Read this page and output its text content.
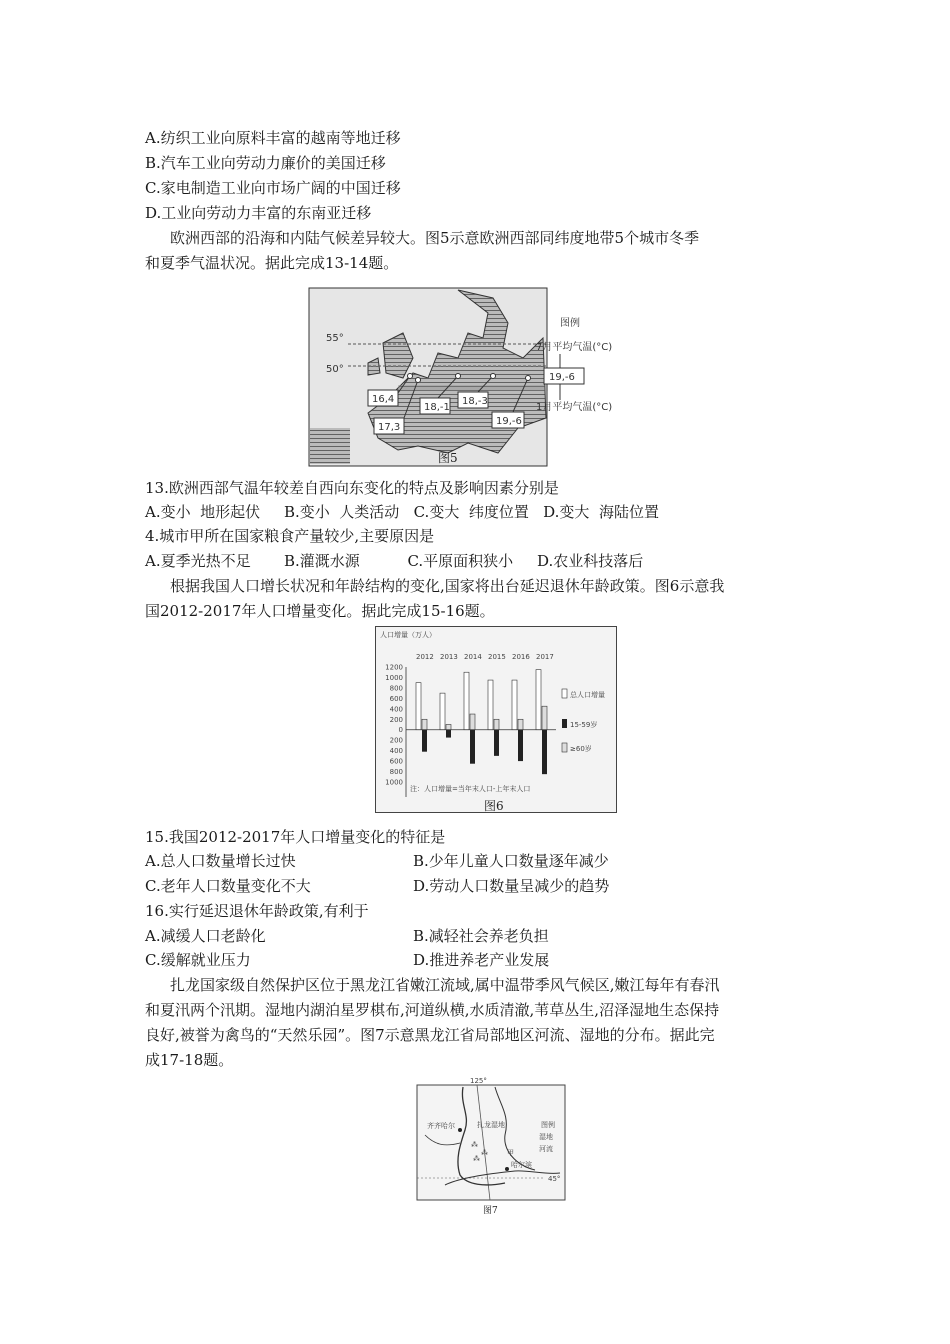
A.纺织工业向原料丰富的越南等地迁移
B.汽车工业向劳动力廉价的美国迁移
C.家电制造工业向市场广阔的中国迁移
D.工业向劳动力丰富的东南亚迁移
欧洲西部的沿海和内陆气候差异较大。图5示意欧洲西部同纬度地带5个城市冬季
和夏季气温状况。据此完成13-14题。
55°
50°
16,4
17,3
18,-1
18,-3
19,-6
图5
图例
7月平均气温(°C)
19,-6
1月平均气温(°C)
13.欧洲西部气温年较差自西向东变化的特点及影响因素分别是
A.变小  地形起伏     B.变小  人类活动   C.变大  纬度位置   D.变大  海陆位置
4.城市甲所在国家粮食产量较少,主要原因是
A.夏季光热不足       B.灌溉水源          C.平原面积狭小     D.农业科技落后
根据我国人口增长状况和年龄结构的变化,国家将出台延迟退休年龄政策。图6示意我
国2012-2017年人口增量变化。据此完成15-16题。
人口增量（万人）
1200
1000
800
600
400
200
0
200
400
600
800
1000
2012 2013 2014 2015 2016 2017
注：人口增量=当年末人口-上年末人口
总人口增量
15-59岁
≥60岁
图6
15.我国2012-2017年人口增量变化的特征是
A.总人口数量增长过快	B.少年儿童人口数量逐年减少
C.老年人口数量变化不大	D.劳动人口数量呈减少的趋势
16.实行延迟退休年龄政策,有利于
A.减缓人口老龄化	B.减轻社会养老负担
C.缓解就业压力	D.推进养老产业发展
扎龙国家级自然保护区位于黑龙江省嫩江流域,属中温带季风气候区,嫩江每年有春汛
和夏汛两个汛期。湿地内湖泊星罗棋布,河道纵横,水质清澈,苇草丛生,沼泽湿地生态保持
良好,被誉为禽鸟的“天然乐园”。图7示意黑龙江省局部地区河流、湿地的分布。据此完
成17-18题。
125°
45°
⁂
⁂
⁂
齐齐哈尔	扎龙湿地
甲
哈尔滨
图例
湿地
河流
图7
